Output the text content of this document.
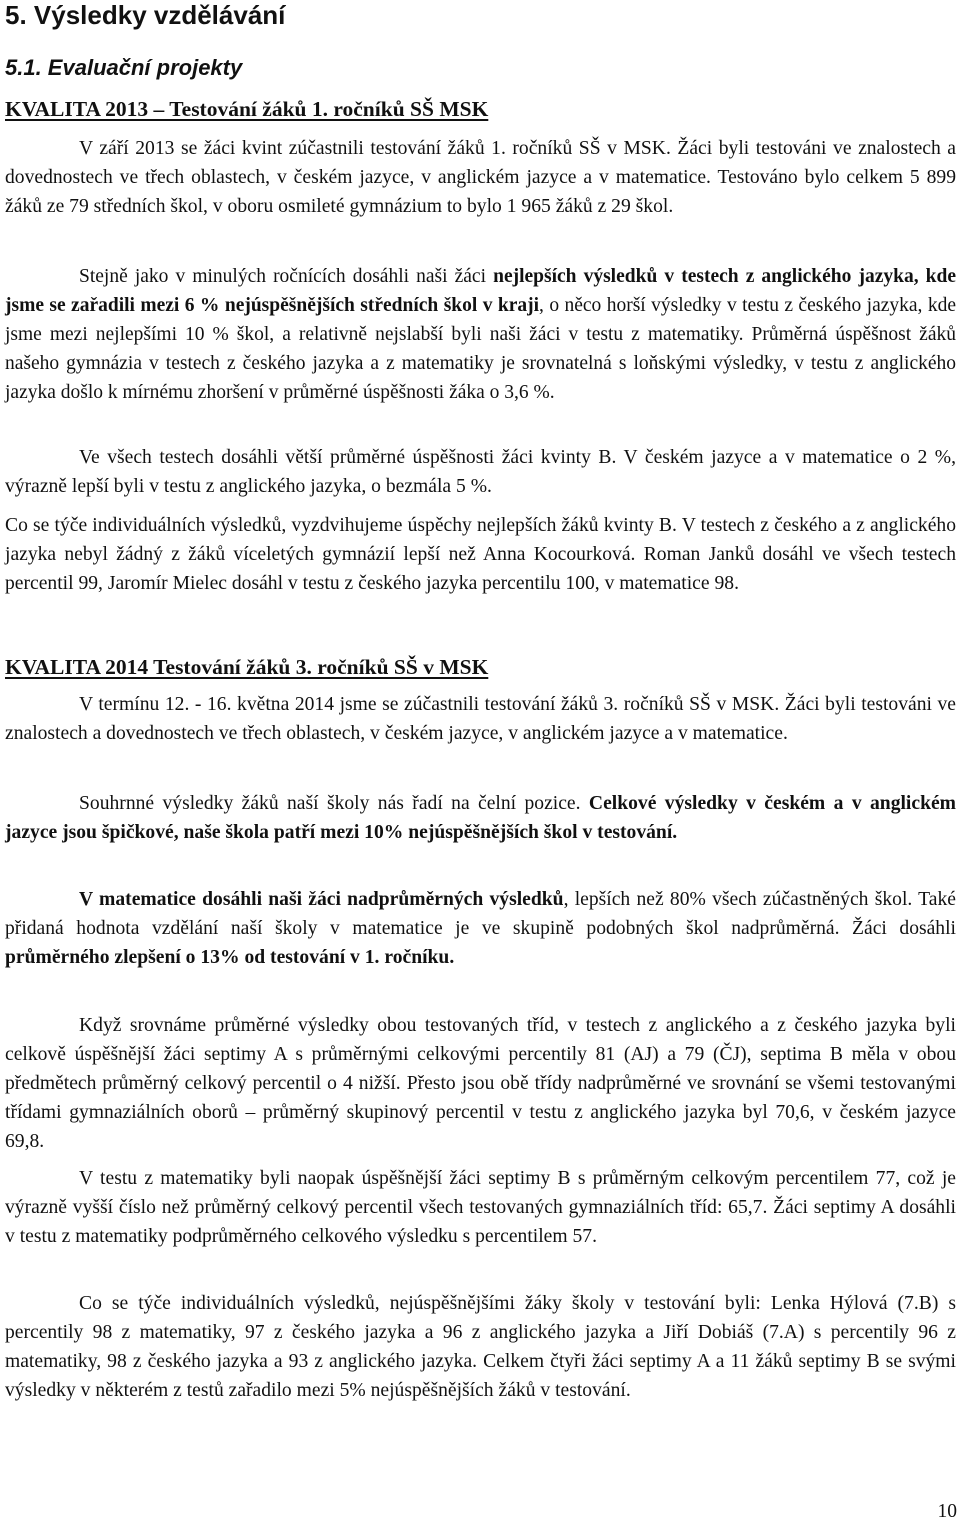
5. Výsledky vzdělávání
5.1. Evaluační projekty
KVALITA 2013 – Testování žáků 1. ročníků SŠ MSK

V září 2013 se žáci kvint zúčastnili testování žáků 1. ročníků SŠ v MSK. Žáci byli testováni ve znalostech a dovednostech ve třech oblastech, v českém jazyce, v anglickém jazyce a v matematice. Testováno bylo celkem 5 899 žáků ze 79 středních škol, v oboru osmileté gymnázium to bylo 1 965 žáků z 29 škol.

Stejně jako v minulých ročnících dosáhli naši žáci nejlepších výsledků v testech z anglického jazyka, kde jsme se zařadili mezi 6 % nejúspěšnějších středních škol v kraji, o něco horší výsledky v testu z českého jazyka, kde jsme mezi nejlepšími 10 % škol, a relativně nejslabší byli naši žáci v testu z matematiky. Průměrná úspěšnost žáků našeho gymnázia v testech z českého jazyka a z matematiky je srovnatelná s loňskými výsledky, v testu z anglického jazyka došlo k mírnému zhoršení v průměrné úspěšnosti žáka o 3,6 %.

Ve všech testech dosáhli větší průměrné úspěšnosti žáci kvinty B. V českém jazyce a v matematice o 2 %, výrazně lepší byli v testu z anglického jazyka, o bezmála 5 %.

Co se týče individuálních výsledků, vyzdvihujeme úspěchy nejlepších žáků kvinty B. V testech z českého a z anglického jazyka nebyl žádný z žáků víceletých gymnázií lepší než Anna Kocourková. Roman Janků dosáhl ve všech testech percentil 99, Jaromír Mielec dosáhl v testu z českého jazyka percentilu 100, v matematice 98.

KVALITA 2014 Testování žáků 3. ročníků SŠ v MSK

V termínu 12. - 16. května 2014 jsme se zúčastnili testování žáků 3. ročníků SŠ v MSK. Žáci byli testováni ve znalostech a dovednostech ve třech oblastech, v českém jazyce, v anglickém jazyce a v matematice.

Souhrnné výsledky žáků naší školy nás řadí na čelní pozice. Celkové výsledky v českém a v anglickém jazyce jsou špičkové, naše škola patří mezi 10% nejúspěšnějších škol v testování.

V matematice dosáhli naši žáci nadprůměrných výsledků, lepších než 80% všech zúčastněných škol. Také přidaná hodnota vzdělání naší školy v matematice je ve skupině podobných škol nadprůměrná. Žáci dosáhli průměrného zlepšení o 13% od testování v 1. ročníku.

Když srovnáme průměrné výsledky obou testovaných tříd, v testech z anglického a z českého jazyka byli celkově úspěšnější žáci septimy A s průměrnými celkovými percentily 81 (AJ) a 79 (ČJ), septima B měla v obou předmětech průměrný celkový percentil o 4 nižší. Přesto jsou obě třídy nadprůměrné ve srovnání se všemi testovanými třídami gymnaziálních oborů – průměrný skupinový percentil v testu z anglického jazyka byl 70,6, v českém jazyce 69,8.

V testu z matematiky byli naopak úspěšnější žáci septimy B s průměrným celkovým percentilem 77, což je výrazně vyšší číslo než průměrný celkový percentil všech testovaných gymnaziálních tříd: 65,7. Žáci septimy A dosáhli v testu z matematiky podprůměrného celkového výsledku s percentilem 57.

Co se týče individuálních výsledků, nejúspěšnějšími žáky školy v testování byli: Lenka Hýlová (7.B) s percentily 98 z matematiky, 97 z českého jazyka a 96 z anglického jazyka a Jiří Dobiáš (7.A) s percentily 96 z matematiky, 98 z českého jazyka a 93 z anglického jazyka. Celkem čtyři žáci septimy A a 11 žáků septimy B se svými výsledky v některém z testů zařadilo mezi 5% nejúspěšnějších žáků v testování.

10
